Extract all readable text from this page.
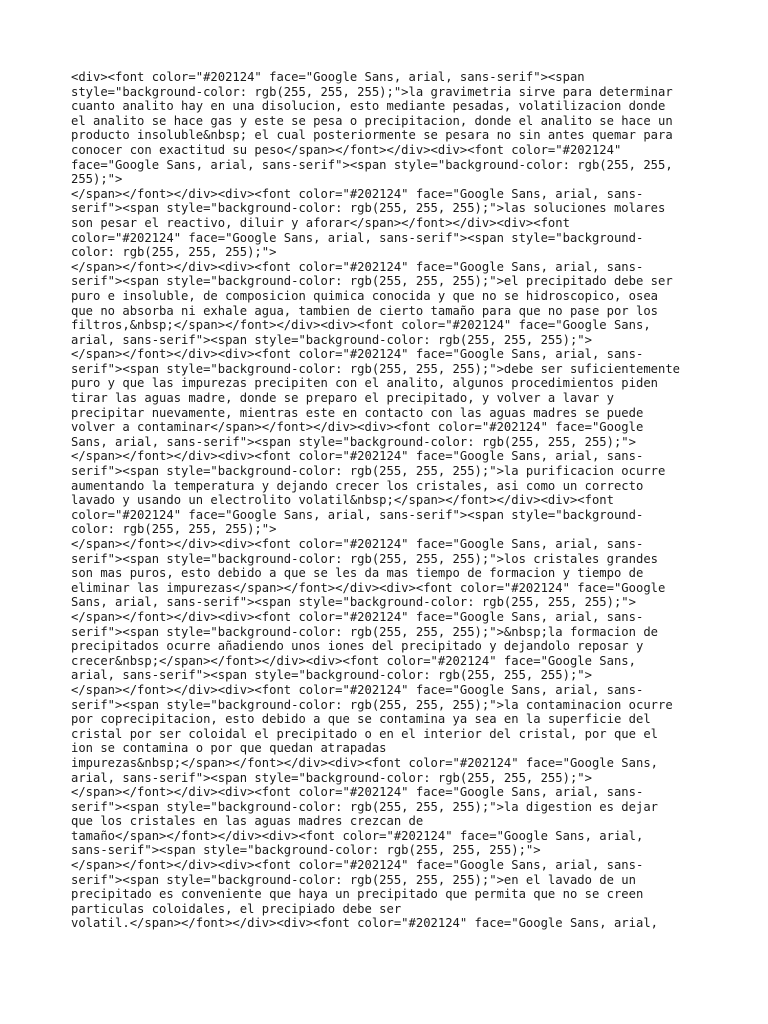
<div><font color="#202124" face="Google Sans, arial, sans-serif"><span
style="background-color: rgb(255, 255, 255);">la gravimetria sirve para determinar
cuanto analito hay en una disolucion, esto mediante pesadas, volatilizacion donde
el analito se hace gas y este se pesa o precipitacion, donde el analito se hace un
producto insoluble&nbsp; el cual posteriormente se pesara no sin antes quemar para
conocer con exactitud su peso</span></font></div><div><font color="#202124"
face="Google Sans, arial, sans-serif"><span style="background-color: rgb(255, 255,
255);">
</span></font></div><div><font color="#202124" face="Google Sans, arial, sans-
serif"><span style="background-color: rgb(255, 255, 255);">las soluciones molares
son pesar el reactivo, diluir y aforar</span></font></div><div><font
color="#202124" face="Google Sans, arial, sans-serif"><span style="background-
color: rgb(255, 255, 255);">
</span></font></div><div><font color="#202124" face="Google Sans, arial, sans-
serif"><span style="background-color: rgb(255, 255, 255);">el precipitado debe ser
puro e insoluble, de composicion quimica conocida y que no se hidroscopico, osea
que no absorba ni exhale agua, tambien de cierto tamaño para que no pase por los
filtros,&nbsp;</span></font></div><div><font color="#202124" face="Google Sans,
arial, sans-serif"><span style="background-color: rgb(255, 255, 255);">
</span></font></div><div><font color="#202124" face="Google Sans, arial, sans-
serif"><span style="background-color: rgb(255, 255, 255);">debe ser suficientemente
puro y que las impurezas precipiten con el analito, algunos procedimientos piden
tirar las aguas madre, donde se preparo el precipitado, y volver a lavar y
precipitar nuevamente, mientras este en contacto con las aguas madres se puede
volver a contaminar</span></font></div><div><font color="#202124" face="Google
Sans, arial, sans-serif"><span style="background-color: rgb(255, 255, 255);">
</span></font></div><div><font color="#202124" face="Google Sans, arial, sans-
serif"><span style="background-color: rgb(255, 255, 255);">la purificacion ocurre
aumentando la temperatura y dejando crecer los cristales, asi como un correcto
lavado y usando un electrolito volatil&nbsp;</span></font></div><div><font
color="#202124" face="Google Sans, arial, sans-serif"><span style="background-
color: rgb(255, 255, 255);">
</span></font></div><div><font color="#202124" face="Google Sans, arial, sans-
serif"><span style="background-color: rgb(255, 255, 255);">los cristales grandes
son mas puros, esto debido a que se les da mas tiempo de formacion y tiempo de
eliminar las impurezas</span></font></div><div><font color="#202124" face="Google
Sans, arial, sans-serif"><span style="background-color: rgb(255, 255, 255);">
</span></font></div><div><font color="#202124" face="Google Sans, arial, sans-
serif"><span style="background-color: rgb(255, 255, 255);">&nbsp;la formacion de
precipitados ocurre añadiendo unos iones del precipitado y dejandolo reposar y
crecer&nbsp;</span></font></div><div><font color="#202124" face="Google Sans,
arial, sans-serif"><span style="background-color: rgb(255, 255, 255);">
</span></font></div><div><font color="#202124" face="Google Sans, arial, sans-
serif"><span style="background-color: rgb(255, 255, 255);">la contaminacion ocurre
por coprecipitacion, esto debido a que se contamina ya sea en la superficie del
cristal por ser coloidal el precipitado o en el interior del cristal, por que el
ion se contamina o por que quedan atrapadas
impurezas&nbsp;</span></font></div><div><font color="#202124" face="Google Sans,
arial, sans-serif"><span style="background-color: rgb(255, 255, 255);">
</span></font></div><div><font color="#202124" face="Google Sans, arial, sans-
serif"><span style="background-color: rgb(255, 255, 255);">la digestion es dejar
que los cristales en las aguas madres crezcan de
tamaño</span></font></div><div><font color="#202124" face="Google Sans, arial,
sans-serif"><span style="background-color: rgb(255, 255, 255);">
</span></font></div><div><font color="#202124" face="Google Sans, arial, sans-
serif"><span style="background-color: rgb(255, 255, 255);">en el lavado de un
precipitado es conveniente que haya un precipitado que permita que no se creen
particulas coloidales, el precipiado debe ser
volatil.</span></font></div><div><font color="#202124" face="Google Sans, arial,
